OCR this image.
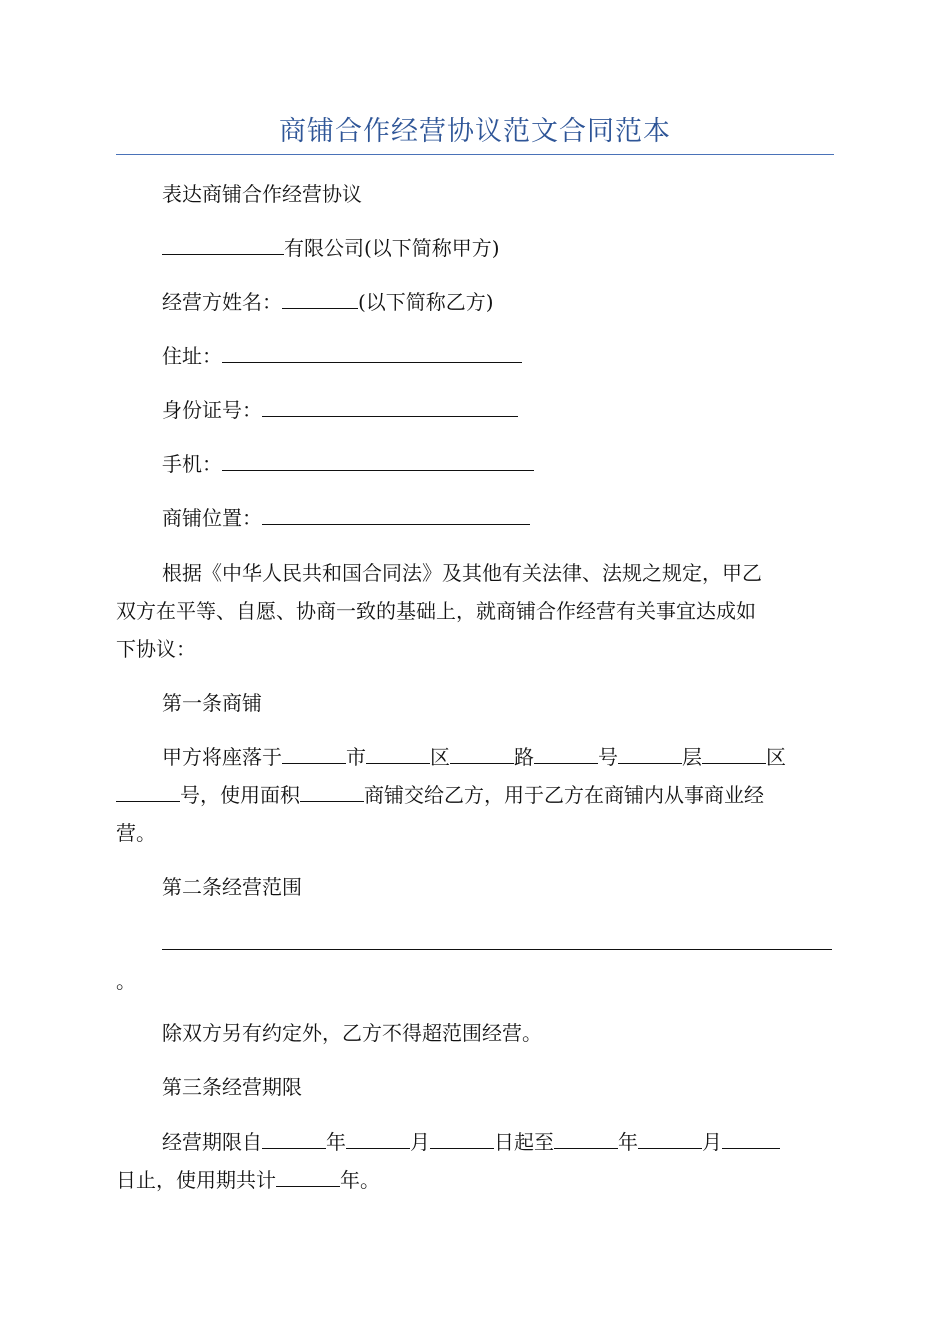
商铺合作经营协议范文合同范本
表达商铺合作经营协议
有限公司(以下简称甲方)
经营方姓名：	(以下简称乙方)
住址：
身份证号：
手机：
商铺位置：
根据《中华人民共和国合同法》及其他有关法律、法规之规定，甲乙
双方在平等、自愿、协商一致的基础上，就商铺合作经营有关事宜达成如
下协议：
第一条商铺
甲方将座落于	市	区	路	号	层	区
号，使用面积	商铺交给乙方，用于乙方在商铺内从事商业经
营。
第二条经营范围
。
除双方另有约定外，乙方不得超范围经营。
第三条经营期限
经营期限自	年	月	日起至	年	月
日止，使用期共计	年。
